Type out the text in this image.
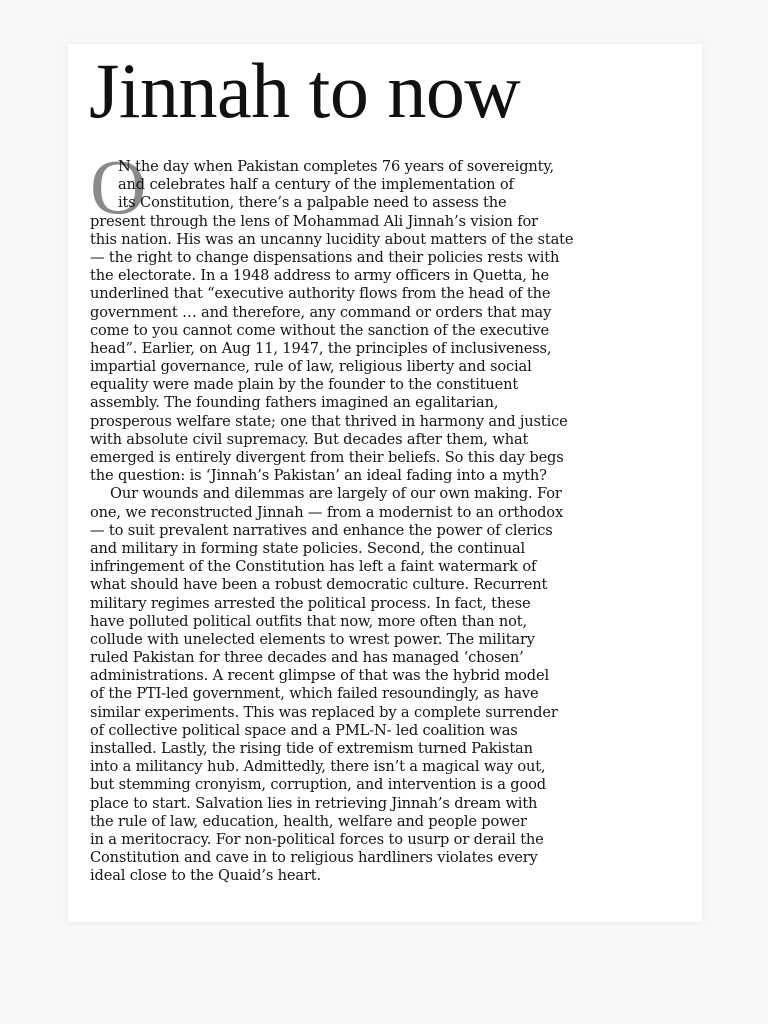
Jinnah to now
O
N the day when Pakistan completes 76 years of sovereignty,
and celebrates half a century of the implementation of
its Constitution, there’s a palpable need to assess the
present through the lens of Mohammad Ali Jinnah’s vision for
this nation. His was an uncanny lucidity about matters of the state
— the right to change dispensations and their policies rests with
the electorate. In a 1948 address to army officers in Quetta, he
underlined that “executive authority flows from the head of the
government … and therefore, any command or orders that may
come to you cannot come without the sanction of the executive
head”. Earlier, on Aug 11, 1947, the principles of inclusiveness,
impartial governance, rule of law, religious liberty and social
equality were made plain by the founder to the constituent
assembly. The founding fathers imagined an egalitarian,
prosperous welfare state; one that thrived in harmony and justice
with absolute civil supremacy. But decades after them, what
emerged is entirely divergent from their beliefs. So this day begs
the question: is ‘Jinnah’s Pakistan’ an ideal fading into a myth?
Our wounds and dilemmas are largely of our own making. For
one, we reconstructed Jinnah — from a modernist to an orthodox
— to suit prevalent narratives and enhance the power of clerics
and military in forming state policies. Second, the continual
infringement of the Constitution has left a faint watermark of
what should have been a robust democratic culture. Recurrent
military regimes arrested the political process. In fact, these
have polluted political outfits that now, more often than not,
collude with unelected elements to wrest power. The military
ruled Pakistan for three decades and has managed ‘chosen’
administrations. A recent glimpse of that was the hybrid model
of the PTI-led government, which failed resoundingly, as have
similar experiments. This was replaced by a complete surrender
of collective political space and a PML-N- led coalition was
installed. Lastly, the rising tide of extremism turned Pakistan
into a militancy hub. Admittedly, there isn’t a magical way out,
but stemming cronyism, corruption, and intervention is a good
place to start. Salvation lies in retrieving Jinnah’s dream with
the rule of law, education, health, welfare and people power
in a meritocracy. For non-political forces to usurp or derail the
Constitution and cave in to religious hardliners violates every
ideal close to the Quaid’s heart.
